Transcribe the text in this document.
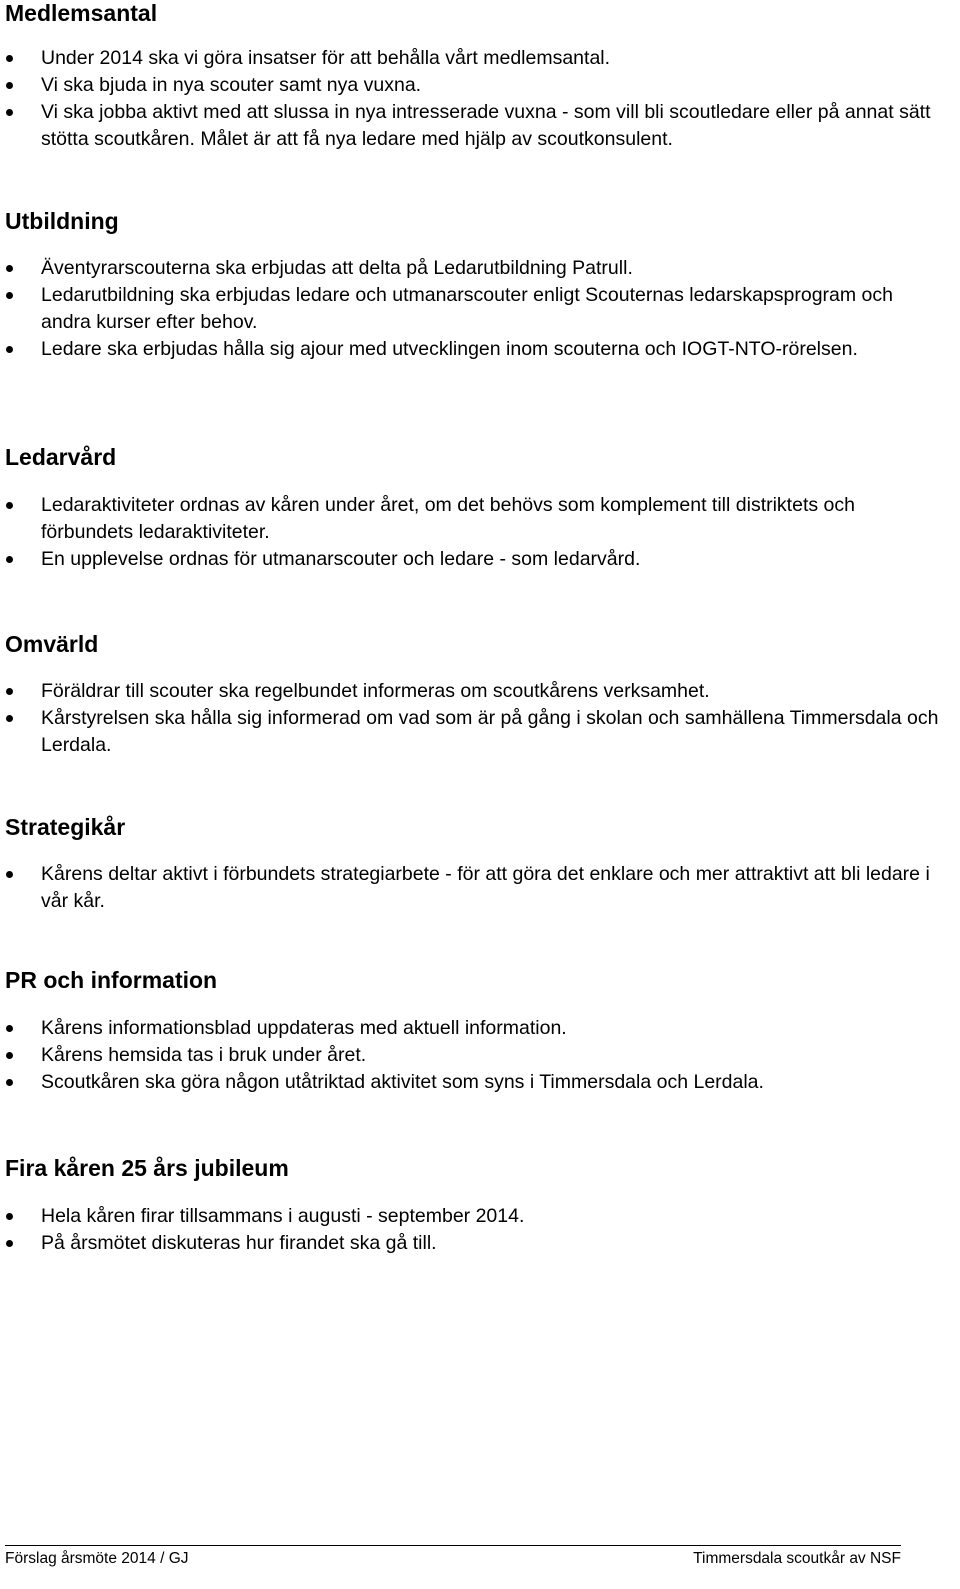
Medlemsantal
Under 2014 ska vi göra insatser för att behålla vårt medlemsantal.
Vi ska bjuda in nya scouter samt nya vuxna.
Vi ska jobba aktivt med att slussa in nya intresserade vuxna - som vill bli scoutledare eller på annat sätt stötta scoutkåren. Målet är att få nya ledare med hjälp av scoutkonsulent.
Utbildning
Äventyrarscouterna ska erbjudas att delta på Ledarutbildning Patrull.
Ledarutbildning ska erbjudas ledare och utmanarscouter enligt Scouternas ledarskapsprogram och andra kurser efter behov.
Ledare ska erbjudas hålla sig ajour med utvecklingen inom scouterna och IOGT-NTO-rörelsen.
Ledarvård
Ledaraktiviteter ordnas av kåren under året, om det behövs som komplement till distriktets och förbundets ledaraktiviteter.
En upplevelse ordnas för utmanarscouter och ledare - som ledarvård.
Omvärld
Föräldrar till scouter ska regelbundet informeras om scoutkårens verksamhet.
Kårstyrelsen ska hålla sig informerad om vad som är på gång i skolan och samhällena Timmersdala och Lerdala.
Strategikår
Kårens deltar aktivt i förbundets strategiarbete - för att göra det enklare och mer attraktivt att bli ledare i vår kår.
PR och information
Kårens informationsblad uppdateras med aktuell information.
Kårens hemsida tas i bruk under året.
Scoutkåren ska göra någon utåtriktad aktivitet som syns i Timmersdala och Lerdala.
Fira kåren 25 års jubileum
Hela kåren firar tillsammans i augusti - september 2014.
På årsmötet diskuteras hur firandet ska gå till.
Förslag årsmöte 2014 / GJ	Timmersdala scoutkår av NSF
